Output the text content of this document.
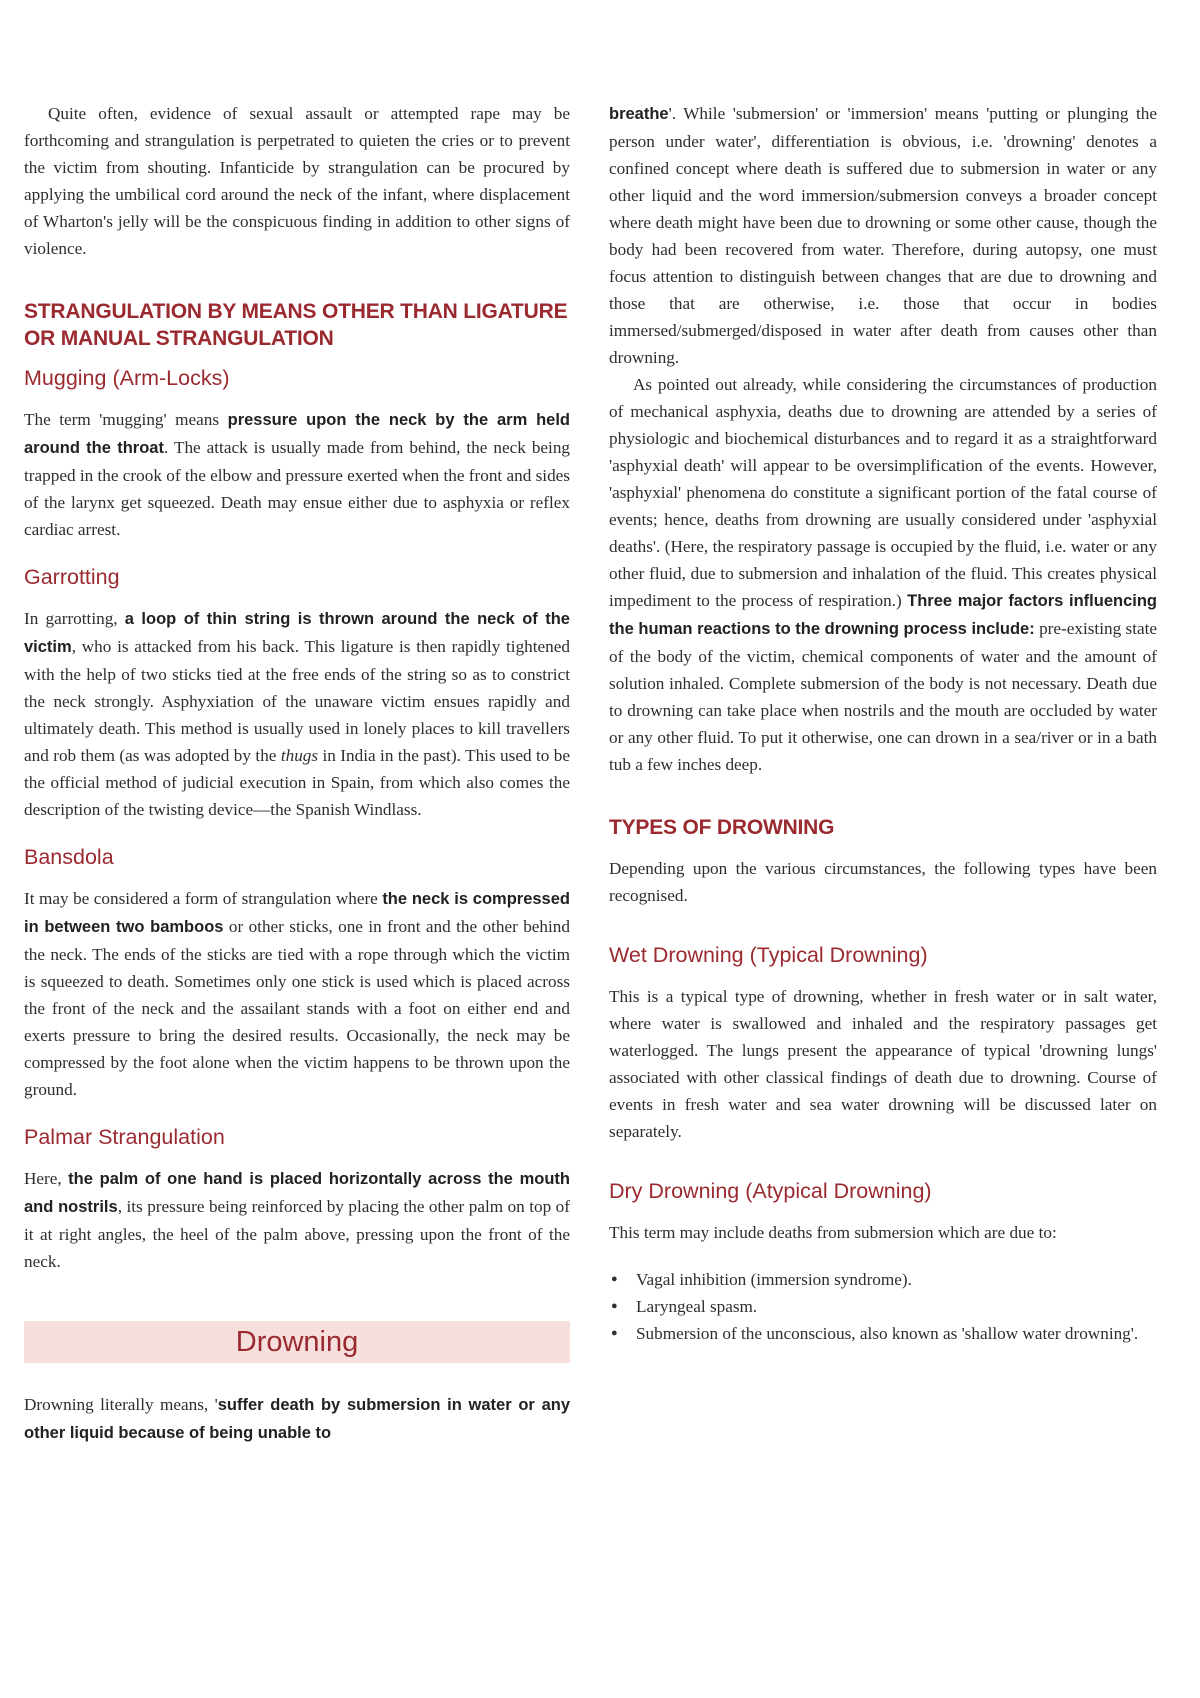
Quite often, evidence of sexual assault or attempted rape may be forthcoming and strangulation is perpetrated to quieten the cries or to prevent the victim from shouting. Infanticide by strangulation can be procured by applying the umbilical cord around the neck of the infant, where displacement of Wharton's jelly will be the conspicuous finding in addition to other signs of violence.

STRANGULATION BY MEANS OTHER THAN LIGATURE OR MANUAL STRANGULATION
Mugging (Arm-Locks)

The term 'mugging' means pressure upon the neck by the arm held around the throat. The attack is usually made from behind, the neck being trapped in the crook of the elbow and pressure exerted when the front and sides of the larynx get squeezed. Death may ensue either due to asphyxia or reflex cardiac arrest.

Garrotting

In garrotting, a loop of thin string is thrown around the neck of the victim, who is attacked from his back. This ligature is then rapidly tightened with the help of two sticks tied at the free ends of the string so as to constrict the neck strongly. Asphyxiation of the unaware victim ensues rapidly and ultimately death. This method is usually used in lonely places to kill travellers and rob them (as was adopted by the thugs in India in the past). This used to be the official method of judicial execution in Spain, from which also comes the description of the twisting device—the Spanish Windlass.

Bansdola

It may be considered a form of strangulation where the neck is compressed in between two bamboos or other sticks, one in front and the other behind the neck. The ends of the sticks are tied with a rope through which the victim is squeezed to death. Sometimes only one stick is used which is placed across the front of the neck and the assailant stands with a foot on either end and exerts pressure to bring the desired results. Occasionally, the neck may be compressed by the foot alone when the victim happens to be thrown upon the ground.

Palmar Strangulation

Here, the palm of one hand is placed horizontally across the mouth and nostrils, its pressure being reinforced by placing the other palm on top of it at right angles, the heel of the palm above, pressing upon the front of the neck.

Drowning

Drowning literally means, 'suffer death by submersion in water or any other liquid because of being unable to

breathe'. While 'submersion' or 'immersion' means 'putting or plunging the person under water', differentiation is obvious, i.e. 'drowning' denotes a confined concept where death is suffered due to submersion in water or any other liquid and the word immersion/submersion conveys a broader concept where death might have been due to drowning or some other cause, though the body had been recovered from water. Therefore, during autopsy, one must focus attention to distinguish between changes that are due to drowning and those that are otherwise, i.e. those that occur in bodies immersed/submerged/disposed in water after death from causes other than drowning.

As pointed out already, while considering the circumstances of production of mechanical asphyxia, deaths due to drowning are attended by a series of physiologic and biochemical disturbances and to regard it as a straightforward 'asphyxial death' will appear to be oversimplification of the events. However, 'asphyxial' phenomena do constitute a significant portion of the fatal course of events; hence, deaths from drowning are usually considered under 'asphyxial deaths'. (Here, the respiratory passage is occupied by the fluid, i.e. water or any other fluid, due to submersion and inhalation of the fluid. This creates physical impediment to the process of respiration.) Three major factors influencing the human reactions to the drowning process include: pre-existing state of the body of the victim, chemical components of water and the amount of solution inhaled. Complete submersion of the body is not necessary. Death due to drowning can take place when nostrils and the mouth are occluded by water or any other fluid. To put it otherwise, one can drown in a sea/river or in a bath tub a few inches deep.

TYPES OF DROWNING

Depending upon the various circumstances, the following types have been recognised.

Wet Drowning (Typical Drowning)

This is a typical type of drowning, whether in fresh water or in salt water, where water is swallowed and inhaled and the respiratory passages get waterlogged. The lungs present the appearance of typical 'drowning lungs' associated with other classical findings of death due to drowning. Course of events in fresh water and sea water drowning will be discussed later on separately.

Dry Drowning (Atypical Drowning)

This term may include deaths from submersion which are due to:

● Vagal inhibition (immersion syndrome).
● Laryngeal spasm.
● Submersion of the unconscious, also known as 'shallow water drowning'.
